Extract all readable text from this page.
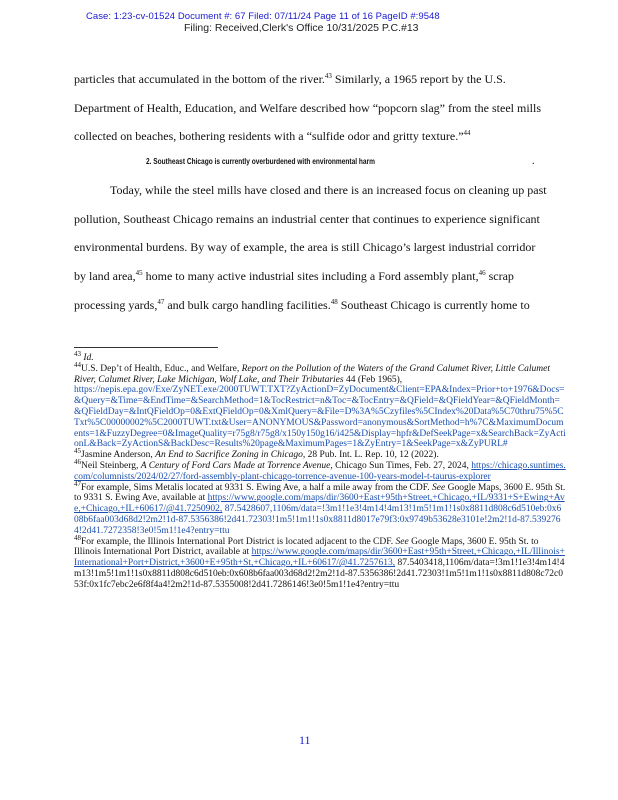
Case: 1:23-cv-01524 Document #: 67 Filed: 07/11/24 Page 11 of 16 PageID #:9548
Filing: Received,Clerk's Office 10/31/2025 P.C.#13

particles that accumulated in the bottom of the river.$^{43}$ Similarly, a 1965 report by the U.S.

Department of Health, Education, and Welfare described how “popcorn slag” from the steel mills

collected on beaches, bothering residents with a “sulfide odor and gritty texture.”$^{44}$

2. Southeast Chicago is currently overburdened with environmental harm	.

Today, while the steel mills have closed and there is an increased focus on cleaning up past

pollution, Southeast Chicago remains an industrial center that continues to experience significant

environmental burdens. By way of example, the area is still Chicago’s largest industrial corridor

by land area,$^{45}$ home to many active industrial sites including a Ford assembly plant,$^{46}$ scrap

processing yards,$^{47}$ and bulk cargo handling facilities.$^{48}$ Southeast Chicago is currently home to

$^{43}$ Id.

$^{44}$U.S. Dep’t of Health, Educ., and Welfare, Report on the Pollution of the Waters of the Grand Calumet River, Little Calumet River, Calumet River, Lake Michigan, Wolf Lake, and Their Tributaries 44 (Feb 1965),
https://nepis.epa.gov/Exe/ZyNET.exe/2000TUWT.TXT?ZyActionD=ZyDocument&Client=EPA&Index=Prior+to+1976&Docs=&Query=&Time=&EndTime=&SearchMethod=1&TocRestrict=n&Toc=&TocEntry=&QField=&QFieldYear=&QFieldMonth=&QFieldDay=&IntQFieldOp=0&ExtQFieldOp=0&XmlQuery=&File=D%3A%5Czyfiles%5CIndex%20Data%5C70thru75%5CTxt%5C00000002%5C2000TUWT.txt&User=ANONYMOUS&Password=anonymous&SortMethod=h%7C&MaximumDocuments=1&FuzzyDegree=0&ImageQuality=r75g8/r75g8/x150y150g16/i425&Display=hpfr&DefSeekPage=x&SearchBack=ZyActionL&Back=ZyActionS&BackDesc=Results%20page&MaximumPages=1&ZyEntry=1&SeekPage=x&ZyPURL#

$^{45}$Jasmine Anderson, An End to Sacrifice Zoning in Chicago, 28 Pub. Int. L. Rep. 10, 12 (2022).

$^{46}$Neil Steinberg, A Century of Ford Cars Made at Torrence Avenue, Chicago Sun Times, Feb. 27, 2024, https://chicago.suntimes.com/columnists/2024/02/27/ford-assembly-plant-chicago-torrence-avenue-100-years-model-t-taurus-explorer

$^{47}$For example, Sims Metalis located at 9331 S. Ewing Ave, a half a mile away from the CDF. See Google Maps, 3600 E. 95th St. to 9331 S. Ewing Ave, available at https://www.google.com/maps/dir/3600+East+95th+Street,+Chicago,+IL/9331+S+Ewing+Ave,+Chicago,+IL+60617/@41.7250902, 87.5428607,1106m/data=!3m1!1e3!4m14!4m13!1m5!1m1!1s0x8811d808c6d510eb:0x608b6faa003d68d2!2m2!1d-87.5356386!2d41.72303!1m5!1m1!1s0x8811d8017e79f3:0x9749b53628e3101e!2m2!1d-87.5392764!2d41.7272358!3e0!5m1!1e4?entry=ttu

$^{48}$For example, the Illinois International Port District is located adjacent to the CDF. See Google Maps, 3600 E. 95th St. to Illinois International Port District, available at https://www.google.com/maps/dir/3600+East+95th+Street,+Chicago,+IL/Illinois+International+Port+District,+3600+E+95th+St,+Chicago,+IL+60617/@41.7257613, 87.5403418,1106m/data=!3m1!1e3!4m14!4m13!1m5!1m1!1s0x8811d808c6d510eb:0x608b6faa003d68d2!2m2!1d-87.5356386!2d41.72303!1m5!1m1!1s0x8811d808c72c053f:0x1fc7ebc2e6f8f4a4!2m2!1d-87.5355008!2d41.7286146!3e0!5m1!1e4?entry=ttu

11
